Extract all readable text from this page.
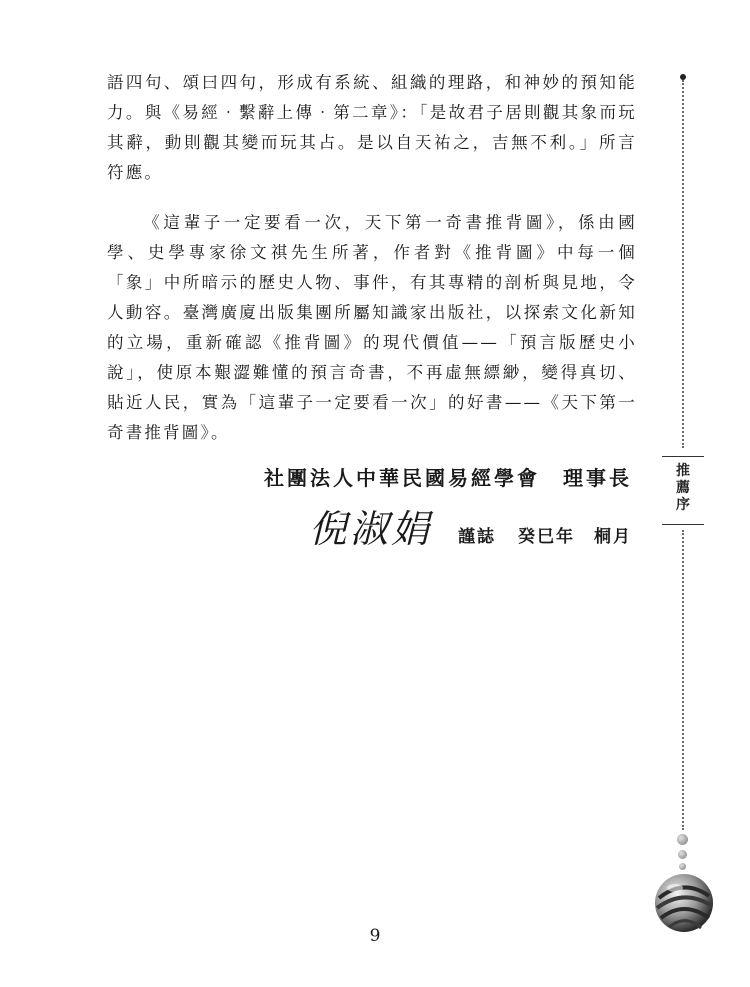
語四句、頌曰四句，形成有系統、組織的理路，和神妙的預知能力。與《易經‧繫辭上傳‧第二章》：「是故君子居則觀其象而玩其辭，動則觀其變而玩其占。是以自天祐之，吉無不利。」所言符應。

《這輩子一定要看一次，天下第一奇書推背圖》，係由國學、史學專家徐文祺先生所著，作者對《推背圖》中每一個「象」中所暗示的歷史人物、事件，有其專精的剖析與見地，令人動容。臺灣廣廈出版集團所屬知識家出版社，以探索文化新知的立場，重新確認《推背圖》的現代價值——「預言版歷史小說」，使原本艱澀難懂的預言奇書，不再虛無縹緲，變得真切、貼近人民，實為「這輩子一定要看一次」的好書——《天下第一奇書推背圖》。

社團法人中華民國易經學會　理事長
倪淑娟 謹誌 癸巳年　桐月
推薦序
9
